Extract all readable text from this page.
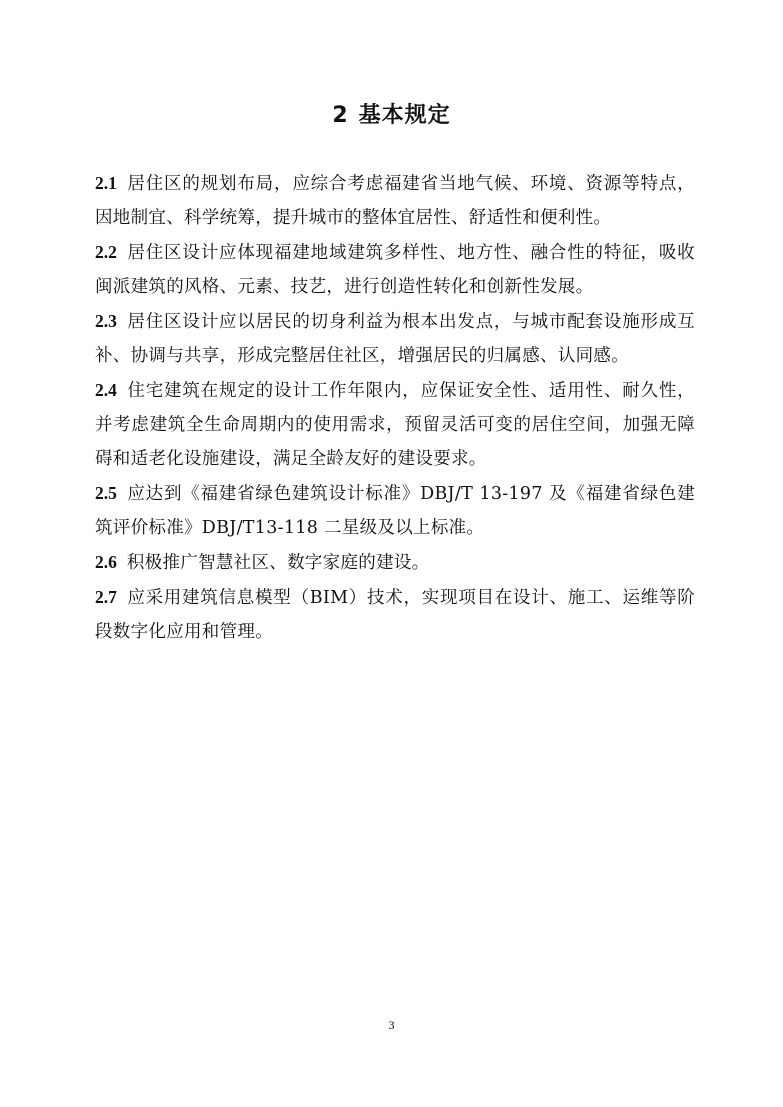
2 基本规定

2.1 居住区的规划布局，应综合考虑福建省当地气候、环境、资源等特点，因地制宜、科学统筹，提升城市的整体宜居性、舒适性和便利性。

2.2 居住区设计应体现福建地域建筑多样性、地方性、融合性的特征，吸收闽派建筑的风格、元素、技艺，进行创造性转化和创新性发展。

2.3 居住区设计应以居民的切身利益为根本出发点，与城市配套设施形成互补、协调与共享，形成完整居住社区，增强居民的归属感、认同感。

2.4 住宅建筑在规定的设计工作年限内，应保证安全性、适用性、耐久性，并考虑建筑全生命周期内的使用需求，预留灵活可变的居住空间，加强无障碍和适老化设施建设，满足全龄友好的建设要求。

2.5 应达到《福建省绿色建筑设计标准》DBJ/T 13-197 及《福建省绿色建筑评价标准》DBJ/T13-118 二星级及以上标准。

2.6 积极推广智慧社区、数字家庭的建设。

2.7 应采用建筑信息模型（BIM）技术，实现项目在设计、施工、运维等阶段数字化应用和管理。

3
